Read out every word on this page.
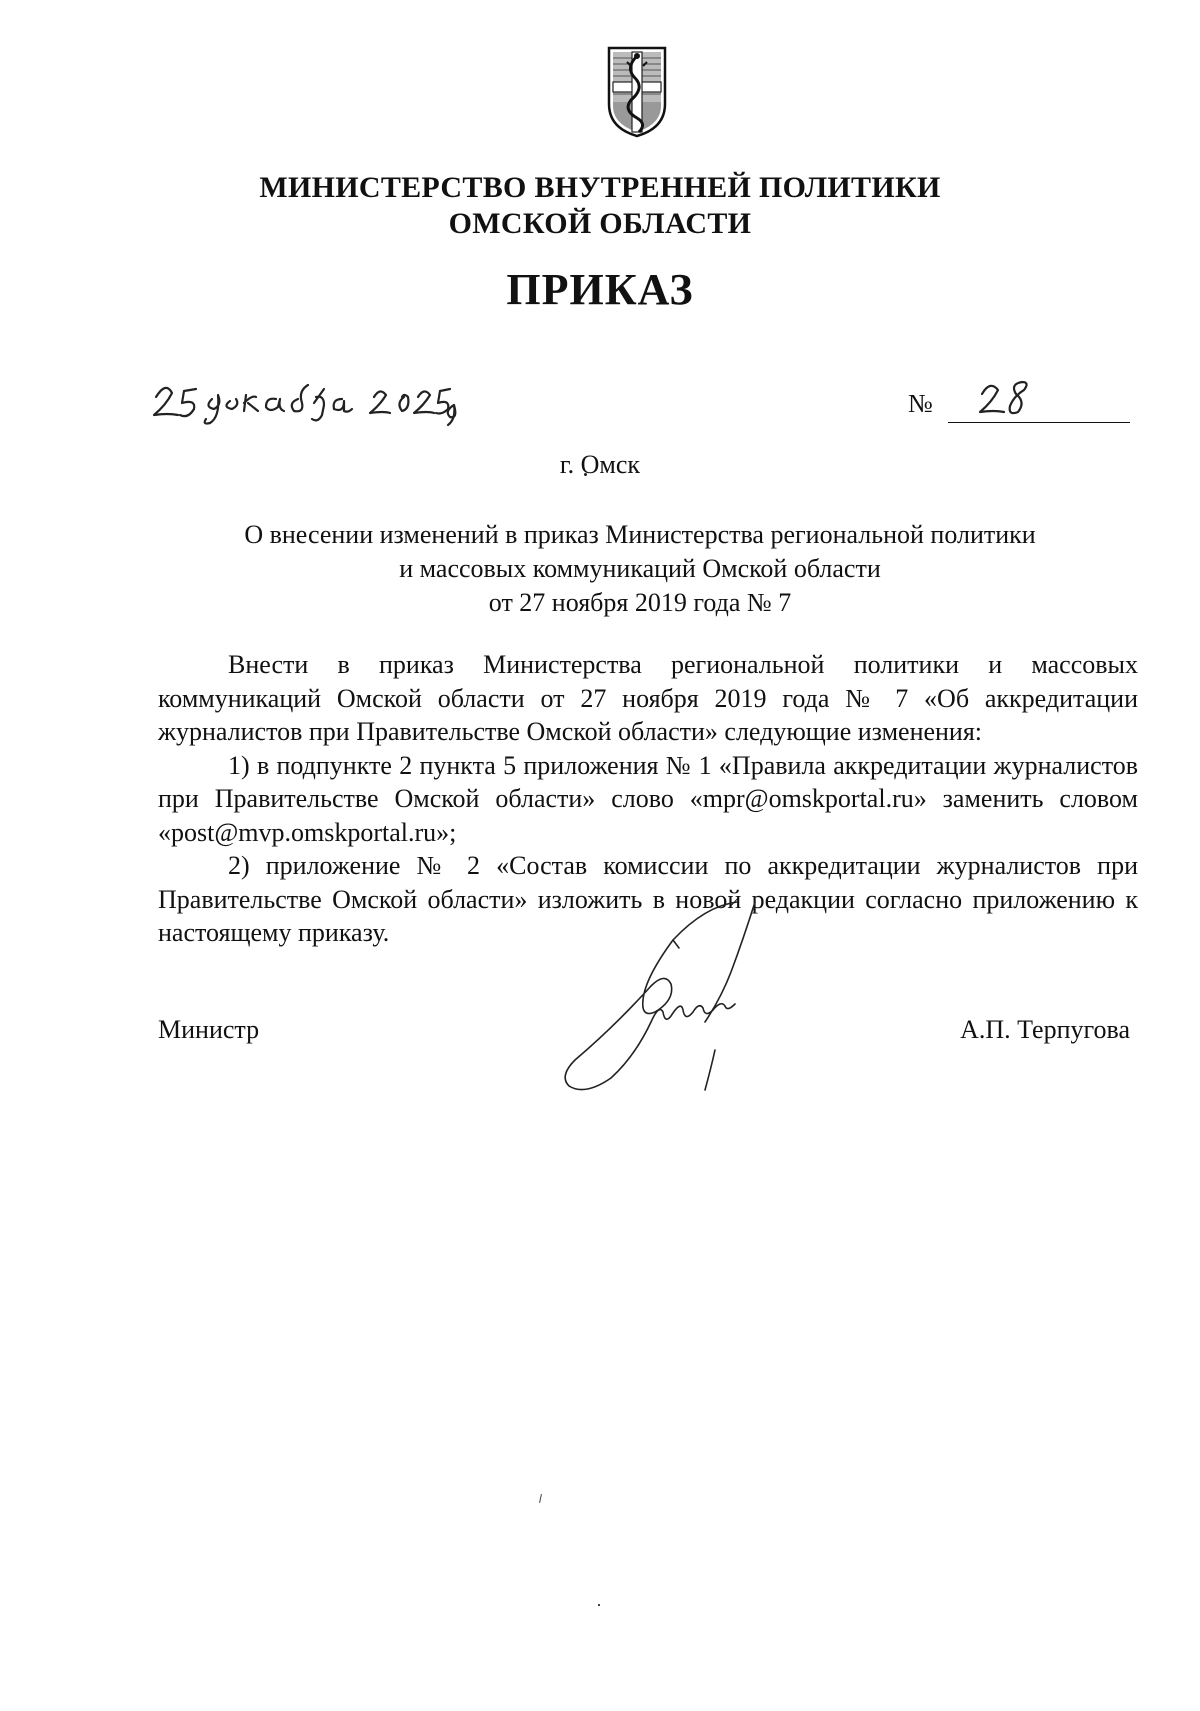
МИНИСТЕРСТВО ВНУТРЕННЕЙ ПОЛИТИКИ
ОМСКОЙ ОБЛАСТИ
ПРИКАЗ
№
г. Омск
О внесении изменений в приказ Министерства региональной политики
и массовых коммуникаций Омской области
от 27 ноября 2019 года № 7

Внести в приказ Министерства региональной политики и массовых коммуникаций Омской области от 27 ноября 2019 года № 7 «Об аккредитации журналистов при Правительстве Омской области» следующие изменения:

1) в подпункте 2 пункта 5 приложения № 1 «Правила аккредитации журналистов при Правительстве Омской области» слово «mpr@omskportal.ru» заменить словом «post@mvp.omskportal.ru»;

2) приложение № 2 «Состав комиссии по аккредитации журналистов при Правительстве Омской области» изложить в новой редакции согласно приложению к настоящему приказу.

Министр	А.П. Терпугова
